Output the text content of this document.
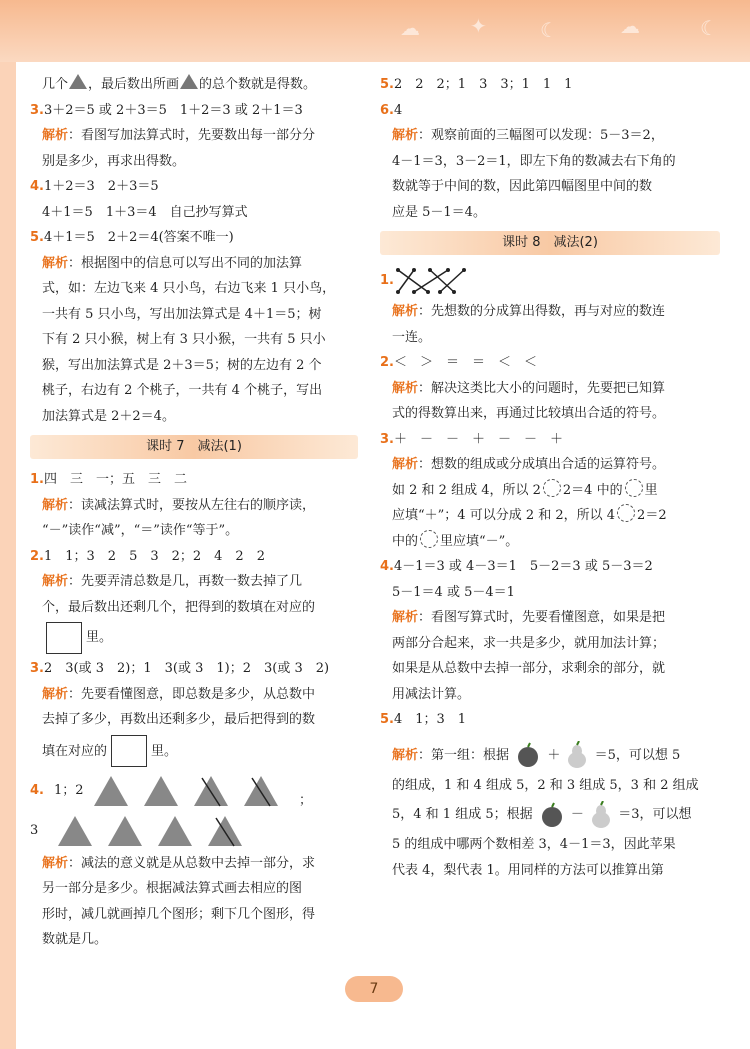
☁	✦	☾	☁	☾

几个 ，最后数出所画 的总个数就是得数。

3.3＋2＝5 或 2＋3＝5　1＋2＝3 或 2＋1＝3

解析：看图写加法算式时，先要数出每一部分分

别是多少，再求出得数。

4.1＋2＝3　2＋3＝5

4＋1＝5　1＋3＝4　自己抄写算式

5.4＋1＝5　2＋2＝4(答案不唯一)

解析：根据图中的信息可以写出不同的加法算

式，如：左边飞来 4 只小鸟，右边飞来 1 只小鸟，

一共有 5 只小鸟，写出加法算式是 4＋1＝5；树

下有 2 只小猴，树上有 3 只小猴，一共有 5 只小

猴，写出加法算式是 2＋3＝5；树的左边有 2 个

桃子，右边有 2 个桃子，一共有 4 个桃子，写出

加法算式是 2＋2＝4。

课时 7　减法(1)

1.四　三　一；五　三　二

解析：读减法算式时，要按从左往右的顺序读，

“－”读作“减”，“＝”读作“等于”。

2.1　1；3　2　5　3　2；2　4　2　2

解析：先要弄清总数是几，再数一数去掉了几

个，最后数出还剩几个，把得到的数填在对应的

里。

3.2　3(或 3　2)；1　3(或 3　1)；2　3(或 3　2)

解析：先要看懂图意，即总数是多少，从总数中

去掉了多少，再数出还剩多少，最后把得到的数

填在对应的	里。

4. 1；2
；
3

解析：减法的意义就是从总数中去掉一部分，求

另一部分是多少。根据减法算式画去相应的图

形时，减几就画掉几个图形；剩下几个图形，得

数就是几。

5.2　2　2；1　3　3；1　1　1

6.4

解析：观察前面的三幅图可以发现：5－3＝2，

4－1＝3，3－2＝1，即左下角的数减去右下角的

数就等于中间的数，因此第四幅图里中间的数

应是 5－1＝4。

课时 8　减法(2)
1.

解析：先想数的分成算出得数，再与对应的数连

一连。

2.＜　＞　＝　＝　＜　＜

解析：解决这类比大小的问题时，先要把已知算

式的得数算出来，再通过比较填出合适的符号。

3.＋　－　－　＋　－　－　＋

解析：想数的组成或分成填出合适的运算符号。

如 2 和 2 组成 4，所以 2 2＝4 中的 里

应填“＋”；4 可以分成 2 和 2，所以 4 2＝2

中的 里应填“－”。

4.4－1＝3 或 4－3＝1　5－2＝3 或 5－3＝2

5－1＝4 或 5－4＝1

解析：看图写算式时，先要看懂图意，如果是把

两部分合起来，求一共是多少，就用加法计算；

如果是从总数中去掉一部分，求剩余的部分，就

用减法计算。

5.4　1；3　1

解析：第一组：根据	＋	＝5，可以想 5

的组成，1 和 4 组成 5，2 和 3 组成 5，3 和 2 组成

5，4 和 1 组成 5；根据	－	＝3，可以想

5 的组成中哪两个数相差 3，4－1＝3，因此苹果

代表 4，梨代表 1。用同样的方法可以推算出第

7
